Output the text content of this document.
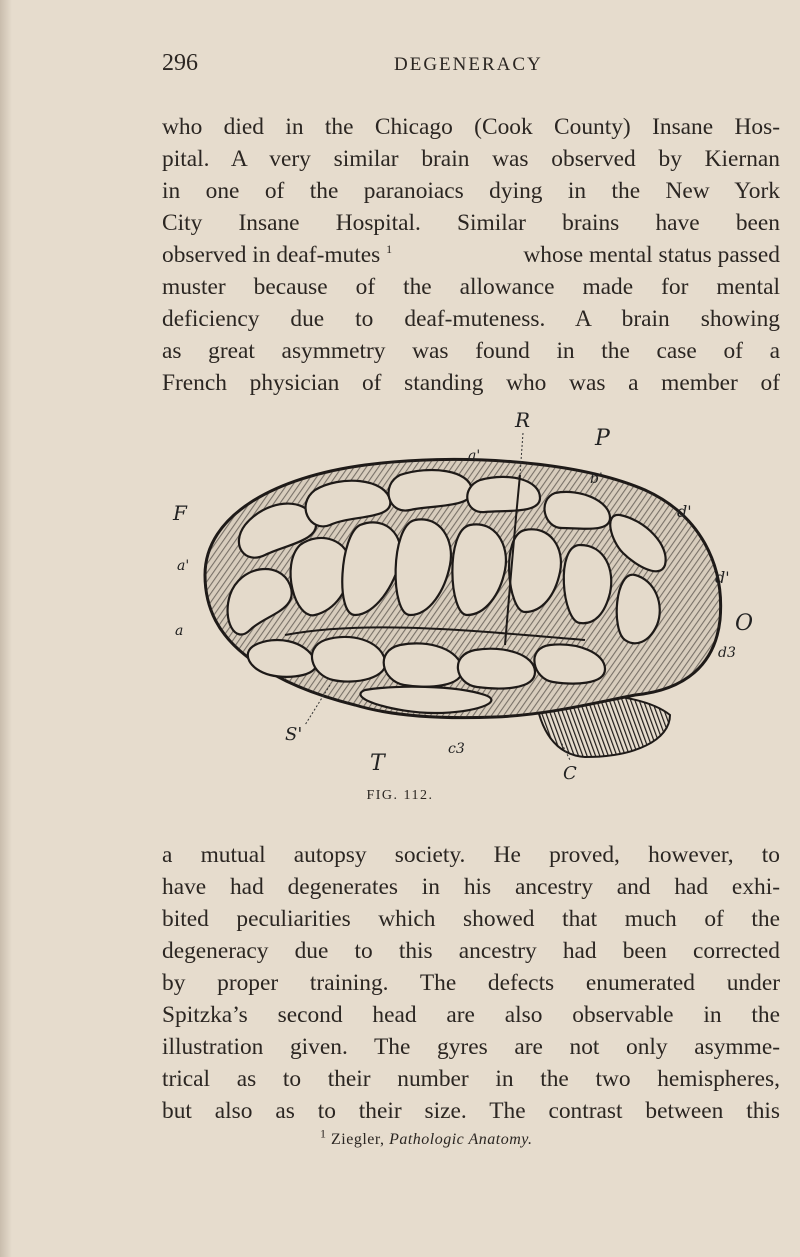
296	DEGENERACY

who died in the Chicago (Cook County) Insane Hos-
pital. A very similar brain was observed by Kiernan
in one of the paranoiacs dying in the New York
City Insane Hospital. Similar brains have been
observed in deaf-mutes $^1$	whose mental status passed
muster because of the allowance made for mental
deficiency due to deaf-muteness. A brain showing
as great asymmetry was found in the case of a
French physician of standing who was a member of

R
P
a'
b'
d'
F
a'
a
d'
O
d3
S'
T
c3
C
FIG. 112.

a mutual autopsy society. He proved, however, to
have had degenerates in his ancestry and had exhi-
bited peculiarities which showed that much of the
degeneracy due to this ancestry had been corrected
by proper training. The defects enumerated under
Spitzka’s second head are also observable in the
illustration given. The gyres are not only asymme-
trical as to their number in the two hemispheres,
but also as to their size. The contrast between this

$^1$ Ziegler, Pathologic Anatomy.
